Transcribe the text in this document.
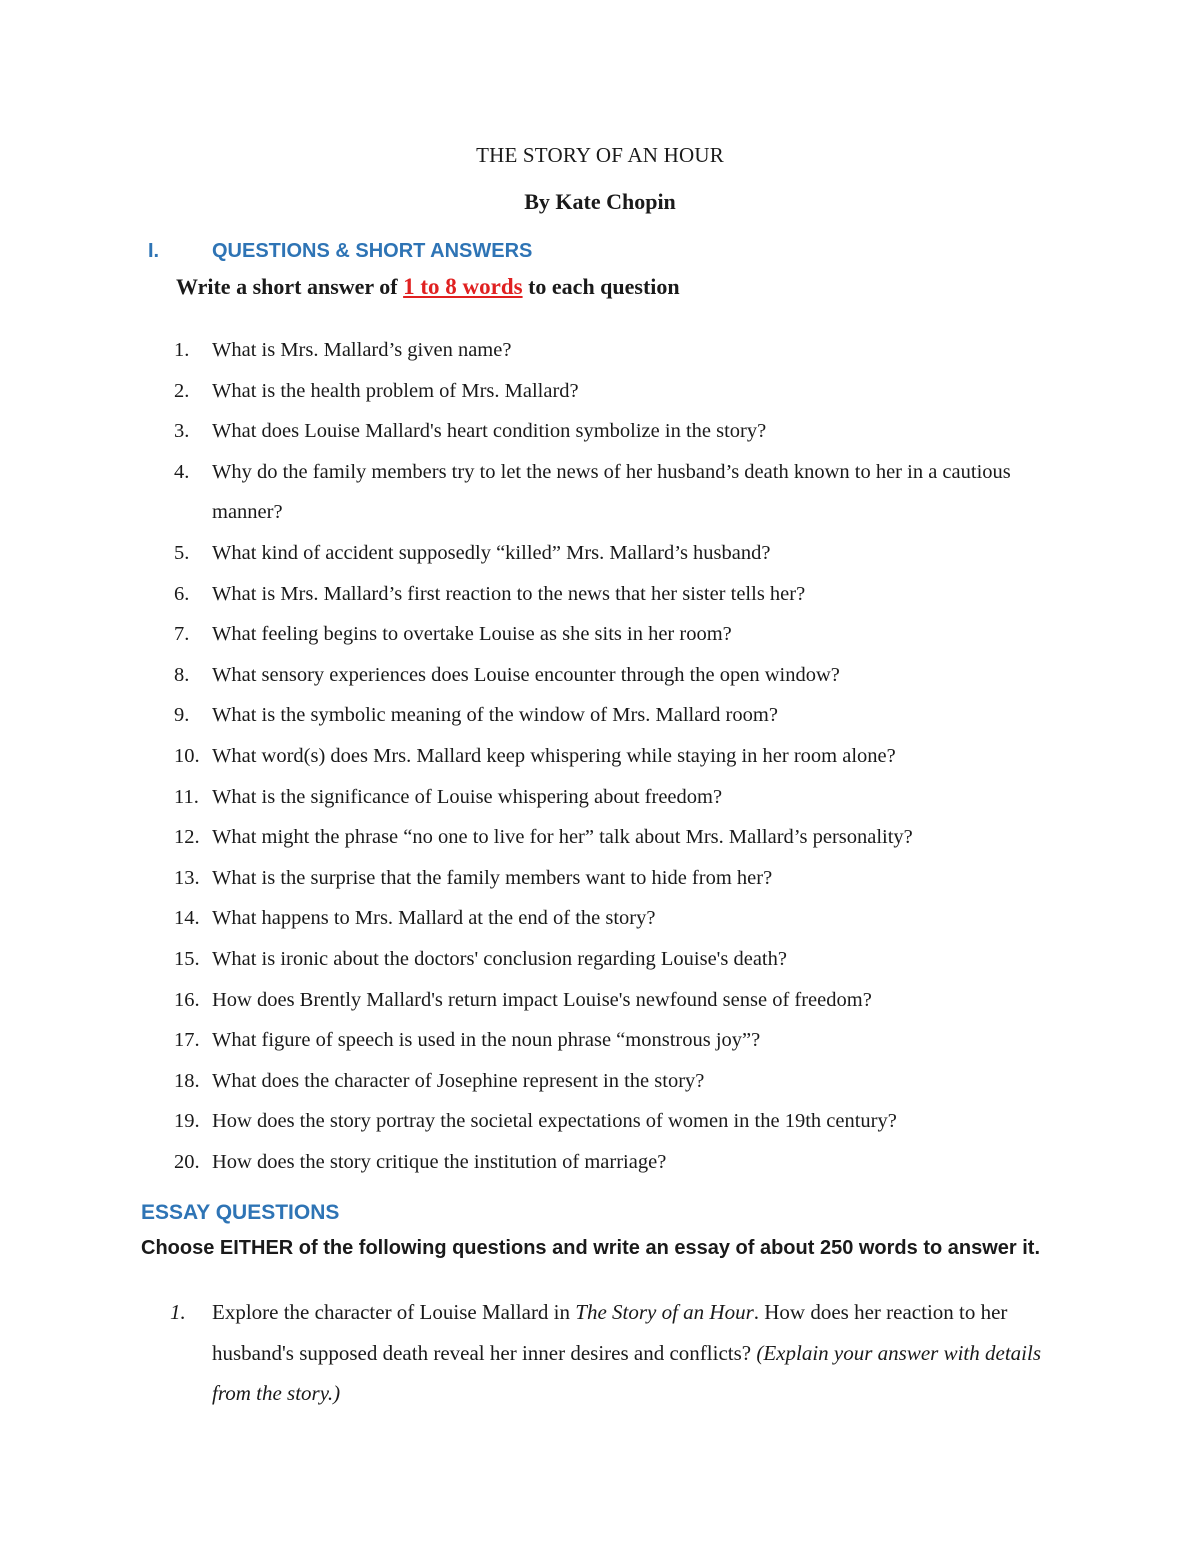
THE STORY OF AN HOUR
By Kate Chopin
I.	QUESTIONS & SHORT ANSWERS
Write a short answer of 1 to 8 words to each question
1.	What is Mrs. Mallard’s given name?
2.	What is the health problem of Mrs. Mallard?
3.	What does Louise Mallard's heart condition symbolize in the story?
4.	Why do the family members try to let the news of her husband’s death known to her in a cautious manner?
5.	What kind of accident supposedly “killed” Mrs. Mallard’s husband?
6.	What is Mrs. Mallard’s first reaction to the news that her sister tells her?
7.	What feeling begins to overtake Louise as she sits in her room?
8.	What sensory experiences does Louise encounter through the open window?
9.	What is the symbolic meaning of the window of Mrs. Mallard room?
10. What word(s) does Mrs. Mallard keep whispering while staying in her room alone?
11. What is the significance of Louise whispering about freedom?
12. What might the phrase “no one to live for her” talk about Mrs. Mallard’s personality?
13. What is the surprise that the family members want to hide from her?
14. What happens to Mrs. Mallard at the end of the story?
15. What is ironic about the doctors' conclusion regarding Louise's death?
16. How does Brently Mallard's return impact Louise's newfound sense of freedom?
17. What figure of speech is used in the noun phrase “monstrous joy”?
18. What does the character of Josephine represent in the story?
19. How does the story portray the societal expectations of women in the 19th century?
20. How does the story critique the institution of marriage?
ESSAY QUESTIONS
Choose EITHER of the following questions and write an essay of about 250 words to answer it.
1.	Explore the character of Louise Mallard in The Story of an Hour. How does her reaction to her husband's supposed death reveal her inner desires and conflicts? (Explain your answer with details from the story.)
